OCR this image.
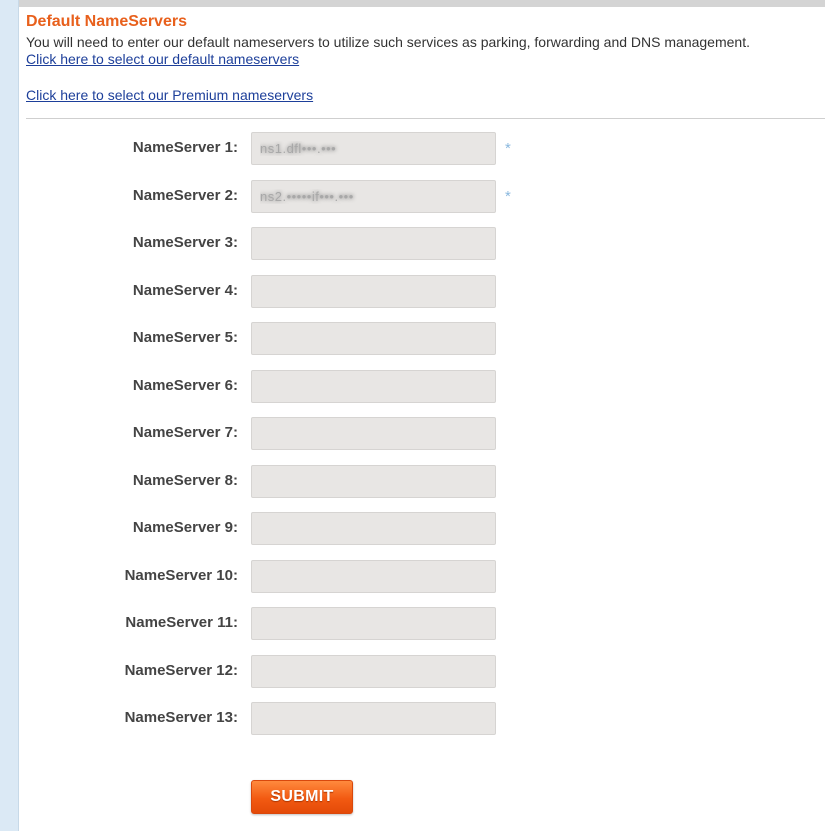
Default NameServers

You will need to enter our default nameservers to utilize such services as parking, forwarding and DNS management.

Click here to select our default nameservers
Click here to select our Premium nameservers
NameServer 1:
ns1.dfl•••.•••	*
NameServer 2:
ns2.•••••if•••.•••	*
NameServer 3:
NameServer 4:
NameServer 5:
NameServer 6:
NameServer 7:
NameServer 8:
NameServer 9:
NameServer 10:
NameServer 11:
NameServer 12:
NameServer 13:
SUBMIT
